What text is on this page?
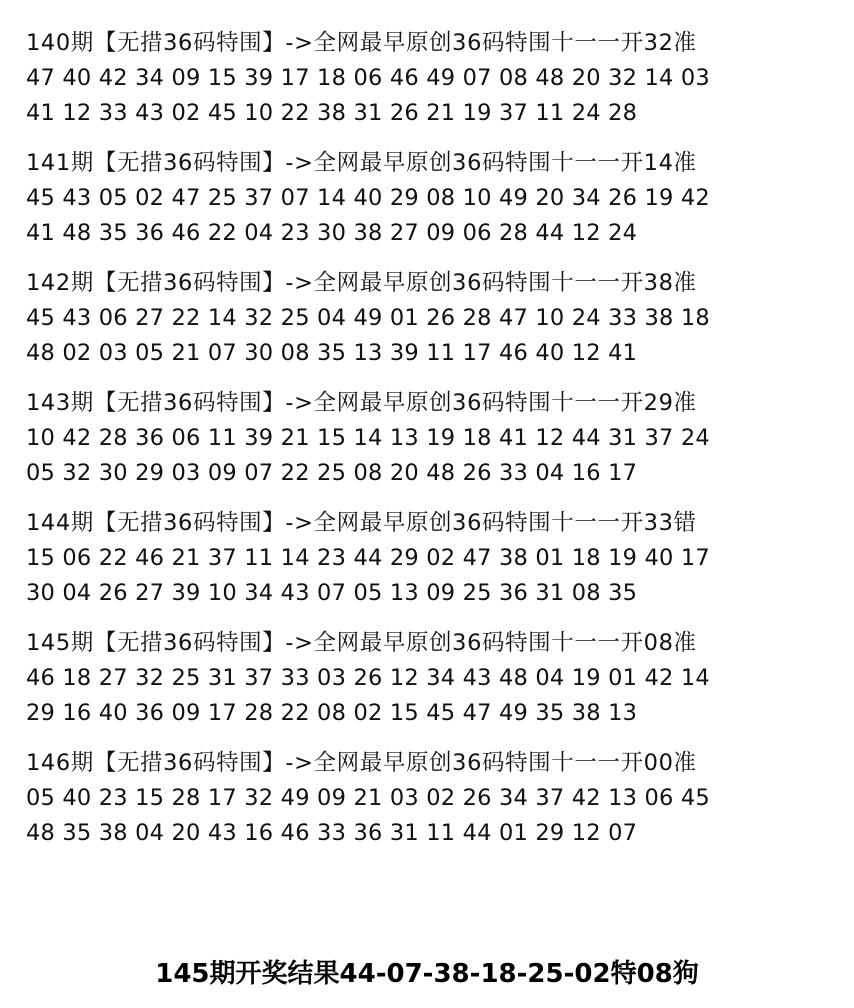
140期【无措36码特围】->全网最早原创36码特围十一一开32准
47 40 42 34 09 15 39 17 18 06 46 49 07 08 48 20 32 14 03
41 12 33 43 02 45 10 22 38 31 26 21 19 37 11 24 28
141期【无措36码特围】->全网最早原创36码特围十一一开14准
45 43 05 02 47 25 37 07 14 40 29 08 10 49 20 34 26 19 42
41 48 35 36 46 22 04 23 30 38 27 09 06 28 44 12 24
142期【无措36码特围】->全网最早原创36码特围十一一开38准
45 43 06 27 22 14 32 25 04 49 01 26 28 47 10 24 33 38 18
48 02 03 05 21 07 30 08 35 13 39 11 17 46 40 12 41
143期【无措36码特围】->全网最早原创36码特围十一一开29准
10 42 28 36 06 11 39 21 15 14 13 19 18 41 12 44 31 37 24
05 32 30 29 03 09 07 22 25 08 20 48 26 33 04 16 17
144期【无措36码特围】->全网最早原创36码特围十一一开33错
15 06 22 46 21 37 11 14 23 44 29 02 47 38 01 18 19 40 17
30 04 26 27 39 10 34 43 07 05 13 09 25 36 31 08 35
145期【无措36码特围】->全网最早原创36码特围十一一开08准
46 18 27 32 25 31 37 33 03 26 12 34 43 48 04 19 01 42 14
29 16 40 36 09 17 28 22 08 02 15 45 47 49 35 38 13
146期【无措36码特围】->全网最早原创36码特围十一一开00准
05 40 23 15 28 17 32 49 09 21 03 02 26 34 37 42 13 06 45
48 35 38 04 20 43 16 46 33 36 31 11 44 01 29 12 07
145期开奖结果44-07-38-18-25-02特08狗
